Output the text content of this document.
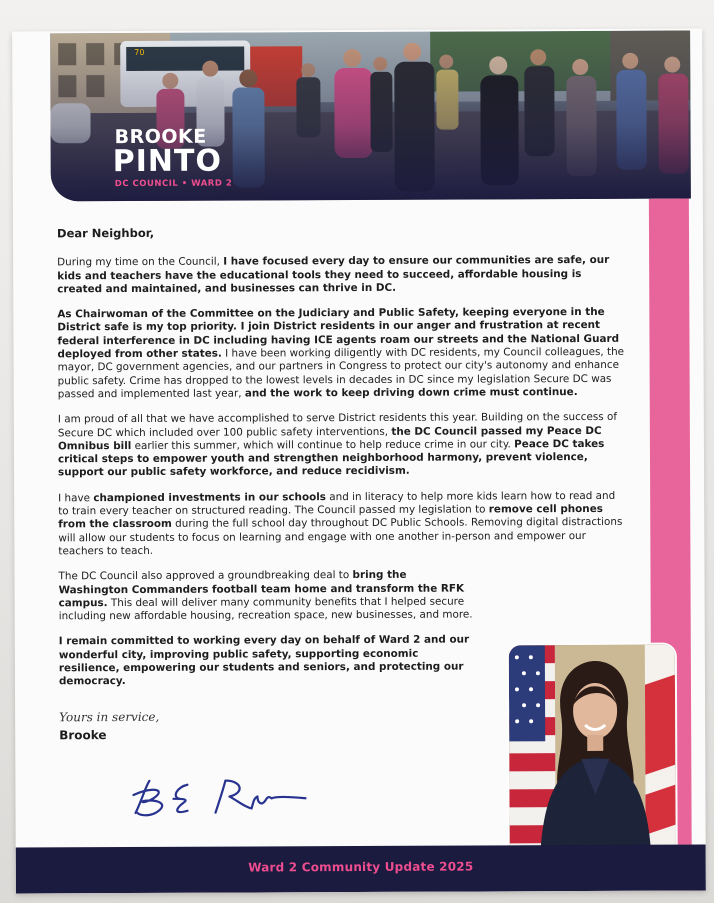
BROOKE
PINTO
DC COUNCIL • WARD 2

Dear Neighbor,

During my time on the Council, I have focused every day to ensure our communities are safe, our kids and teachers have the educational tools they need to succeed, affordable housing is created and maintained, and businesses can thrive in DC.

As Chairwoman of the Committee on the Judiciary and Public Safety, keeping everyone in the District safe is my top priority. I join District residents in our anger and frustration at recent federal interference in DC including having ICE agents roam our streets and the National Guard deployed from other states. I have been working diligently with DC residents, my Council colleagues, the mayor, DC government agencies, and our partners in Congress to protect our city's autonomy and enhance public safety. Crime has dropped to the lowest levels in decades in DC since my legislation Secure DC was passed and implemented last year, and the work to keep driving down crime must continue.

I am proud of all that we have accomplished to serve District residents this year. Building on the success of Secure DC which included over 100 public safety interventions, the DC Council passed my Peace DC Omnibus bill earlier this summer, which will continue to help reduce crime in our city. Peace DC takes critical steps to empower youth and strengthen neighborhood harmony, prevent violence, support our public safety workforce, and reduce recidivism.

I have championed investments in our schools and in literacy to help more kids learn how to read and to train every teacher on structured reading. The Council passed my legislation to remove cell phones from the classroom during the full school day throughout DC Public Schools. Removing digital distractions will allow our students to focus on learning and engage with one another in-person and empower our teachers to teach.

The DC Council also approved a groundbreaking deal to bring the Washington Commanders football team home and transform the RFK campus. This deal will deliver many community benefits that I helped secure including new affordable housing, recreation space, new businesses, and more.

I remain committed to working every day on behalf of Ward 2 and our wonderful city, improving public safety, supporting economic resilience, empowering our students and seniors, and protecting our democracy.

Yours in service,
Brooke
Ward 2 Community Update 2025
